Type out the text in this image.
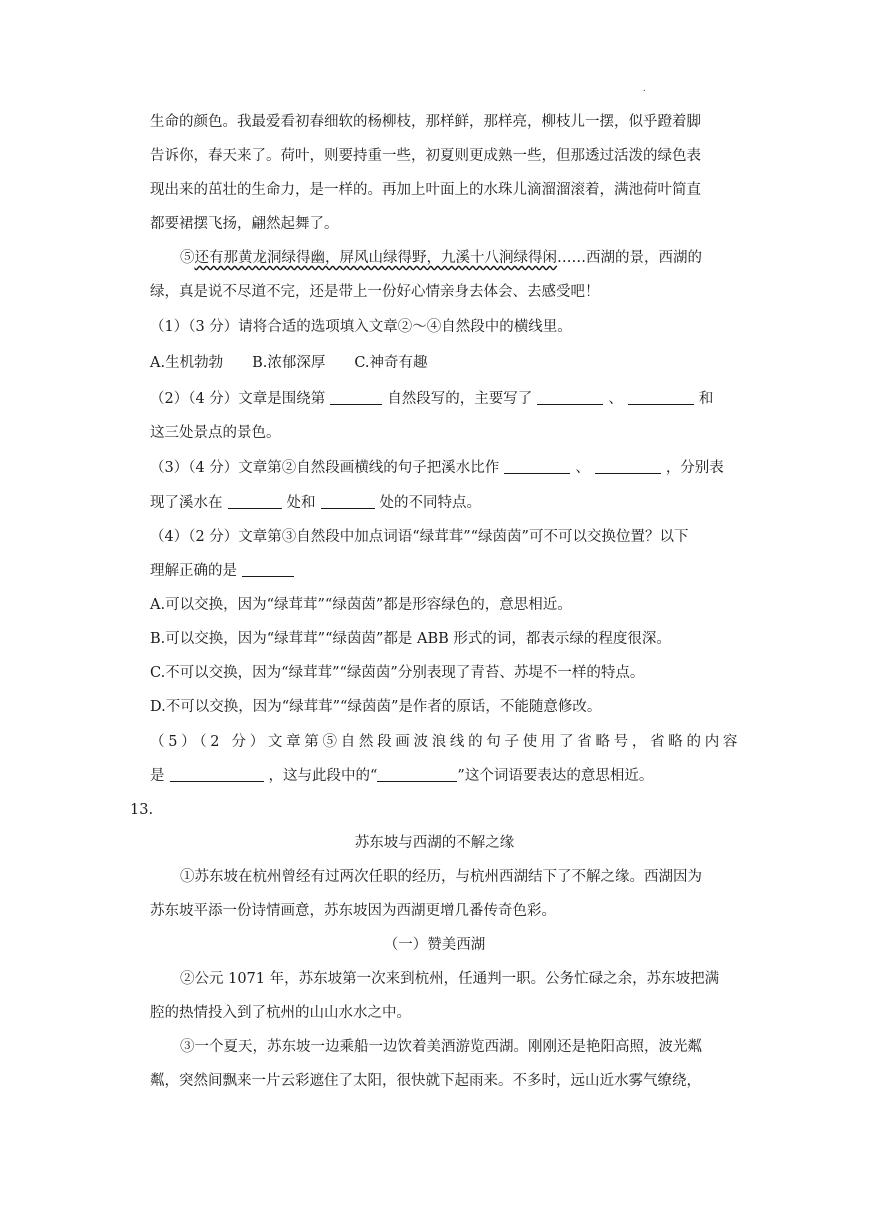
.
生命的颜色。我最爱看初春细软的杨柳枝，那样鲜，那样亮，柳枝儿一摆，似乎蹬着脚
告诉你，春天来了。荷叶，则要持重一些，初夏则更成熟一些，但那透过活泼的绿色表
现出来的茁壮的生命力，是一样的。再加上叶面上的水珠儿滴溜溜滚着，满池荷叶简直
都要裙摆飞扬，翩然起舞了。
⑤还有那黄龙洞绿得幽，屏风山绿得野，九溪十八涧绿得闲……西湖的景，西湖的
绿，真是说不尽道不完，还是带上一份好心情亲身去体会、去感受吧！
（1）（3 分）请将合适的选项填入文章②～④自然段中的横线里。
A.生机勃勃　　B.浓郁深厚　　C.神奇有趣
（2）（4 分）文章是围绕第	自然段写的，主要写了	、	和
这三处景点的景色。
（3）（4 分）文章第②自然段画横线的句子把溪水比作	、	，分别表
现了溪水在	处和	处的不同特点。
（4）（2 分）文章第③自然段中加点词语“绿茸茸”“绿茵茵”可不可以交换位置？以下
理解正确的是
A.可以交换，因为“绿茸茸”“绿茵茵”都是形容绿色的，意思相近。
B.可以交换，因为“绿茸茸”“绿茵茵”都是 ABB 形式的词，都表示绿的程度很深。
C.不可以交换，因为“绿茸茸”“绿茵茵”分别表现了青苔、苏堤不一样的特点。
D.不可以交换，因为“绿茸茸”“绿茵茵”是作者的原话，不能随意修改。
（5）（2 分）文章第⑤自然段画波浪线的句子使用了省略号，省略的内容
是	，这与此段中的“	”这个词语要表达的意思相近。
13.
苏东坡与西湖的不解之缘
①苏东坡在杭州曾经有过两次任职的经历，与杭州西湖结下了不解之缘。西湖因为
苏东坡平添一份诗情画意，苏东坡因为西湖更增几番传奇色彩。
（一）赞美西湖
②公元 1071 年，苏东坡第一次来到杭州，任通判一职。公务忙碌之余，苏东坡把满
腔的热情投入到了杭州的山山水水之中。
③一个夏天，苏东坡一边乘船一边饮着美酒游览西湖。刚刚还是艳阳高照，波光粼
粼，突然间飘来一片云彩遮住了太阳，很快就下起雨来。不多时，远山近水雾气缭绕，
